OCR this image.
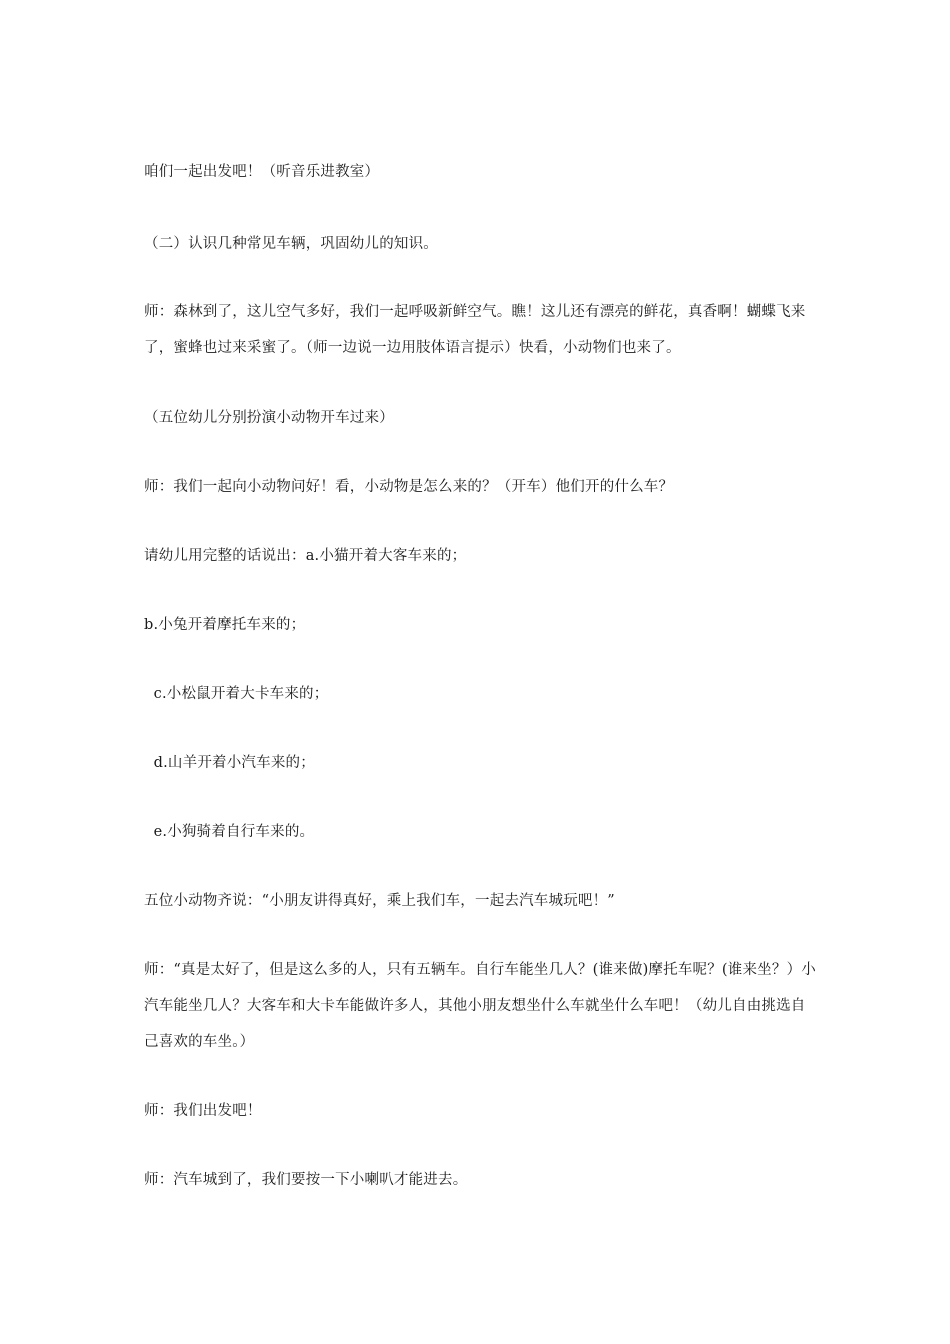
咱们一起出发吧！（听音乐进教室）

（二）认识几种常见车辆，巩固幼儿的知识。

师：森林到了，这儿空气多好，我们一起呼吸新鲜空气。瞧！这儿还有漂亮的鲜花，真香啊！蝴蝶飞来了，蜜蜂也过来采蜜了。（师一边说一边用肢体语言提示）快看，小动物们也来了。

（五位幼儿分别扮演小动物开车过来）

师：我们一起向小动物问好！看，小动物是怎么来的？（开车）他们开的什么车？

请幼儿用完整的话说出：a.小猫开着大客车来的；

b.小兔开着摩托车来的；

c.小松鼠开着大卡车来的；

d.山羊开着小汽车来的；

e.小狗骑着自行车来的。

五位小动物齐说：“小朋友讲得真好，乘上我们车，一起去汽车城玩吧！”

师：“真是太好了，但是这么多的人，只有五辆车。自行车能坐几人？(谁来做)摩托车呢？(谁来坐？）小汽车能坐几人？大客车和大卡车能做许多人，其他小朋友想坐什么车就坐什么车吧！（幼儿自由挑选自己喜欢的车坐。）

师：我们出发吧！

师：汽车城到了，我们要按一下小喇叭才能进去。
